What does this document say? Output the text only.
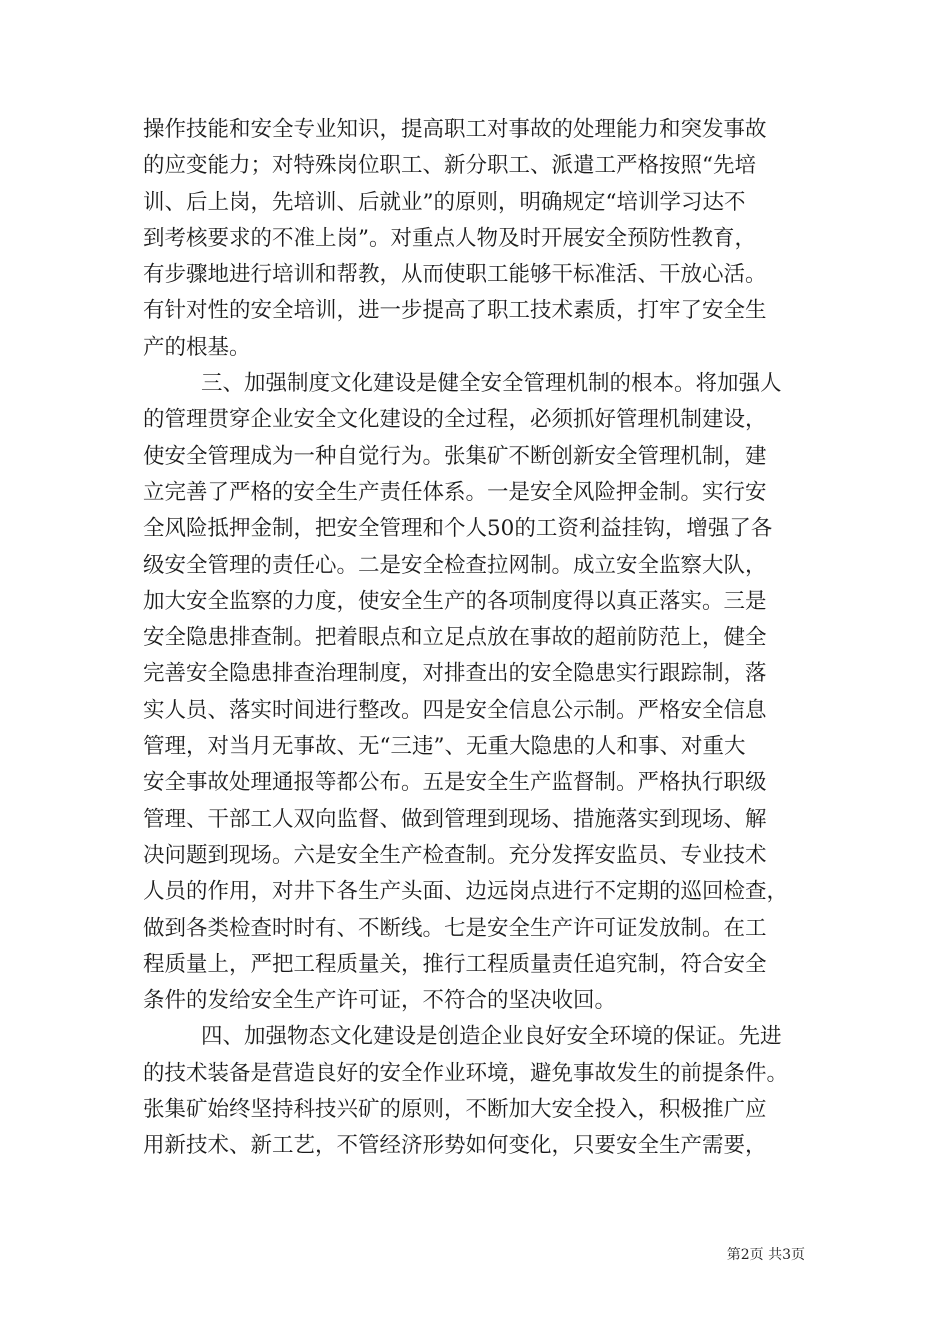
操作技能和安全专业知识，提高职工对事故的处理能力和突发事故
的应变能力；对特殊岗位职工、新分职工、派遣工严格按照“先培
训、后上岗，先培训、后就业”的原则，明确规定“培训学习达不
到考核要求的不准上岗”。对重点人物及时开展安全预防性教育，
有步骤地进行培训和帮教，从而使职工能够干标准活、干放心活。
有针对性的安全培训，进一步提高了职工技术素质，打牢了安全生
产的根基。

三、加强制度文化建设是健全安全管理机制的根本。将加强人
的管理贯穿企业安全文化建设的全过程，必须抓好管理机制建设，
使安全管理成为一种自觉行为。张集矿不断创新安全管理机制，建
立完善了严格的安全生产责任体系。一是安全风险押金制。实行安
全风险抵押金制，把安全管理和个人50的工资利益挂钩，增强了各
级安全管理的责任心。二是安全检查拉网制。成立安全监察大队，
加大安全监察的力度，使安全生产的各项制度得以真正落实。三是
安全隐患排查制。把着眼点和立足点放在事故的超前防范上，健全
完善安全隐患排查治理制度，对排查出的安全隐患实行跟踪制，落
实人员、落实时间进行整改。四是安全信息公示制。严格安全信息
管理，对当月无事故、无“三违”、无重大隐患的人和事、对重大
安全事故处理通报等都公布。五是安全生产监督制。严格执行职级
管理、干部工人双向监督、做到管理到现场、措施落实到现场、解
决问题到现场。六是安全生产检查制。充分发挥安监员、专业技术
人员的作用，对井下各生产头面、边远岗点进行不定期的巡回检查，
做到各类检查时时有、不断线。七是安全生产许可证发放制。在工
程质量上，严把工程质量关，推行工程质量责任追究制，符合安全
条件的发给安全生产许可证，不符合的坚决收回。

四、加强物态文化建设是创造企业良好安全环境的保证。先进
的技术装备是营造良好的安全作业环境，避免事故发生的前提条件。
张集矿始终坚持科技兴矿的原则，不断加大安全投入，积极推广应
用新技术、新工艺，不管经济形势如何变化，只要安全生产需要，

第2页 共3页
